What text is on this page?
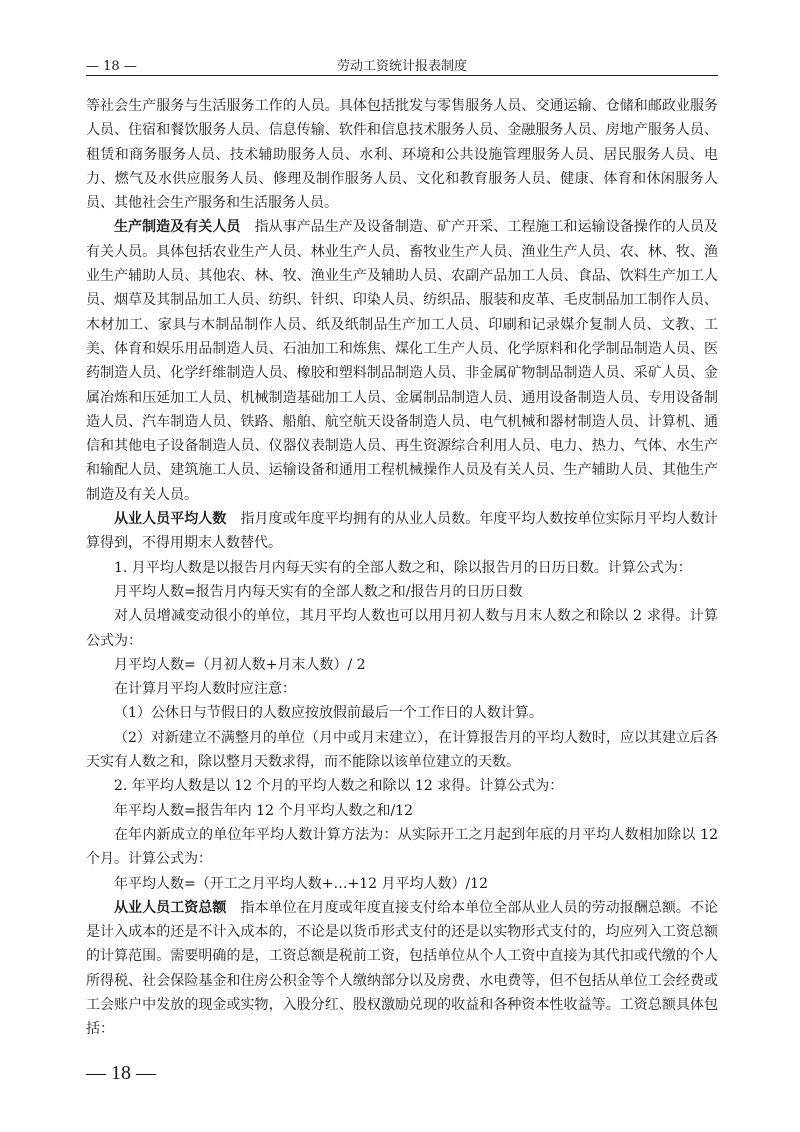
— 18 —	劳动工资统计报表制度

等社会生产服务与生活服务工作的人员。具体包括批发与零售服务人员、交通运输、仓储和邮政业服务人员、住宿和餐饮服务人员、信息传输、软件和信息技术服务人员、金融服务人员、房地产服务人员、租赁和商务服务人员、技术辅助服务人员、水利、环境和公共设施管理服务人员、居民服务人员、电力、燃气及水供应服务人员、修理及制作服务人员、文化和教育服务人员、健康、体育和休闲服务人员、其他社会生产服务和生活服务人员。

生产制造及有关人员　指从事产品生产及设备制造、矿产开采、工程施工和运输设备操作的人员及有关人员。具体包括农业生产人员、林业生产人员、畜牧业生产人员、渔业生产人员、农、林、牧、渔业生产辅助人员、其他农、林、牧、渔业生产及辅助人员、农副产品加工人员、食品、饮料生产加工人员、烟草及其制品加工人员、纺织、针织、印染人员、纺织品、服装和皮革、毛皮制品加工制作人员、木材加工、家具与木制品制作人员、纸及纸制品生产加工人员、印刷和记录媒介复制人员、文教、工美、体育和娱乐用品制造人员、石油加工和炼焦、煤化工生产人员、化学原料和化学制品制造人员、医药制造人员、化学纤维制造人员、橡胶和塑料制品制造人员、非金属矿物制品制造人员、采矿人员、金属冶炼和压延加工人员、机械制造基础加工人员、金属制品制造人员、通用设备制造人员、专用设备制造人员、汽车制造人员、铁路、船舶、航空航天设备制造人员、电气机械和器材制造人员、计算机、通信和其他电子设备制造人员、仪器仪表制造人员、再生资源综合利用人员、电力、热力、气体、水生产和输配人员、建筑施工人员、运输设备和通用工程机械操作人员及有关人员、生产辅助人员、其他生产制造及有关人员。

从业人员平均人数　指月度或年度平均拥有的从业人员数。年度平均人数按单位实际月平均人数计算得到，不得用期末人数替代。

1. 月平均人数是以报告月内每天实有的全部人数之和，除以报告月的日历日数。计算公式为：

月平均人数=报告月内每天实有的全部人数之和/报告月的日历日数

对人员增减变动很小的单位，其月平均人数也可以用月初人数与月末人数之和除以 2 求得。计算公式为：

月平均人数=（月初人数+月末人数）/ 2

在计算月平均人数时应注意：

（1）公休日与节假日的人数应按放假前最后一个工作日的人数计算。

（2）对新建立不满整月的单位（月中或月末建立），在计算报告月的平均人数时，应以其建立后各天实有人数之和，除以整月天数求得，而不能除以该单位建立的天数。

2. 年平均人数是以 12 个月的平均人数之和除以 12 求得。计算公式为：

年平均人数=报告年内 12 个月平均人数之和/12

在年内新成立的单位年平均人数计算方法为：从实际开工之月起到年底的月平均人数相加除以 12 个月。计算公式为：

年平均人数=（开工之月平均人数+…+12 月平均人数）/12

从业人员工资总额　指本单位在月度或年度直接支付给本单位全部从业人员的劳动报酬总额。不论是计入成本的还是不计入成本的，不论是以货币形式支付的还是以实物形式支付的，均应列入工资总额的计算范围。需要明确的是，工资总额是税前工资，包括单位从个人工资中直接为其代扣或代缴的个人所得税、社会保险基金和住房公积金等个人缴纳部分以及房费、水电费等，但不包括从单位工会经费或工会账户中发放的现金或实物，入股分红、股权激励兑现的收益和各种资本性收益等。工资总额具体包括：

— 18 —
